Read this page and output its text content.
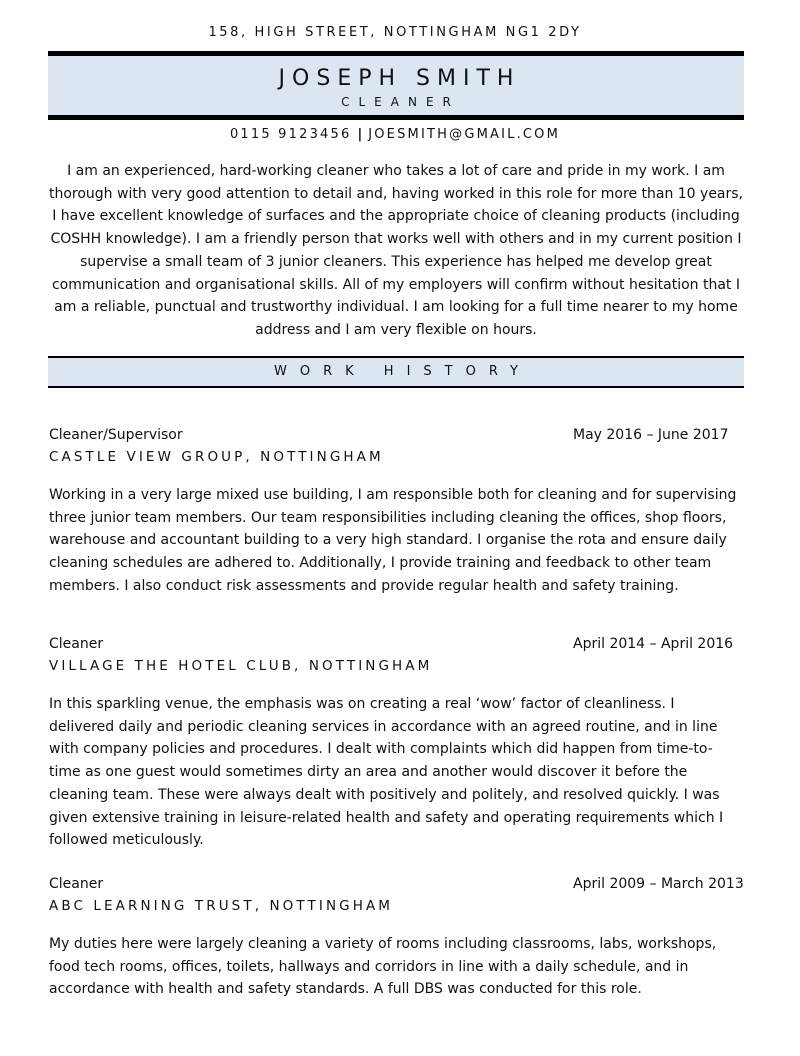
158, HIGH STREET, NOTTINGHAM NG1 2DY
JOSEPH SMITH
CLEANER
0115 9123456 | JOESMITH@GMAIL.COM
I am an experienced, hard-working cleaner who takes a lot of care and pride in my work. I am thorough with very good attention to detail and, having worked in this role for more than 10 years, I have excellent knowledge of surfaces and the appropriate choice of cleaning products (including COSHH knowledge). I am a friendly person that works well with others and in my current position I supervise a small team of 3 junior cleaners. This experience has helped me develop great communication and organisational skills. All of my employers will confirm without hesitation that I am a reliable, punctual and trustworthy individual. I am looking for a full time nearer to my home address and I am very flexible on hours.
WORK HISTORY
Cleaner/Supervisor	May 2016 – June 2017
CASTLE VIEW GROUP, NOTTINGHAM
Working in a very large mixed use building, I am responsible both for cleaning and for supervising three junior team members. Our team responsibilities including cleaning the offices, shop floors, warehouse and accountant building to a very high standard. I organise the rota and ensure daily cleaning schedules are adhered to. Additionally, I provide training and feedback to other team members. I also conduct risk assessments and provide regular health and safety training.
Cleaner	April 2014 – April 2016
VILLAGE THE HOTEL CLUB, NOTTINGHAM
In this sparkling venue, the emphasis was on creating a real ‘wow’ factor of cleanliness. I delivered daily and periodic cleaning services in accordance with an agreed routine, and in line with company policies and procedures. I dealt with complaints which did happen from time-to-time as one guest would sometimes dirty an area and another would discover it before the cleaning team. These were always dealt with positively and politely, and resolved quickly. I was given extensive training in leisure-related health and safety and operating requirements which I followed meticulously.
Cleaner	April 2009 – March 2013
ABC LEARNING TRUST, NOTTINGHAM
My duties here were largely cleaning a variety of rooms including classrooms, labs, workshops, food tech rooms, offices, toilets, hallways and corridors in line with a daily schedule, and in accordance with health and safety standards. A full DBS was conducted for this role.
